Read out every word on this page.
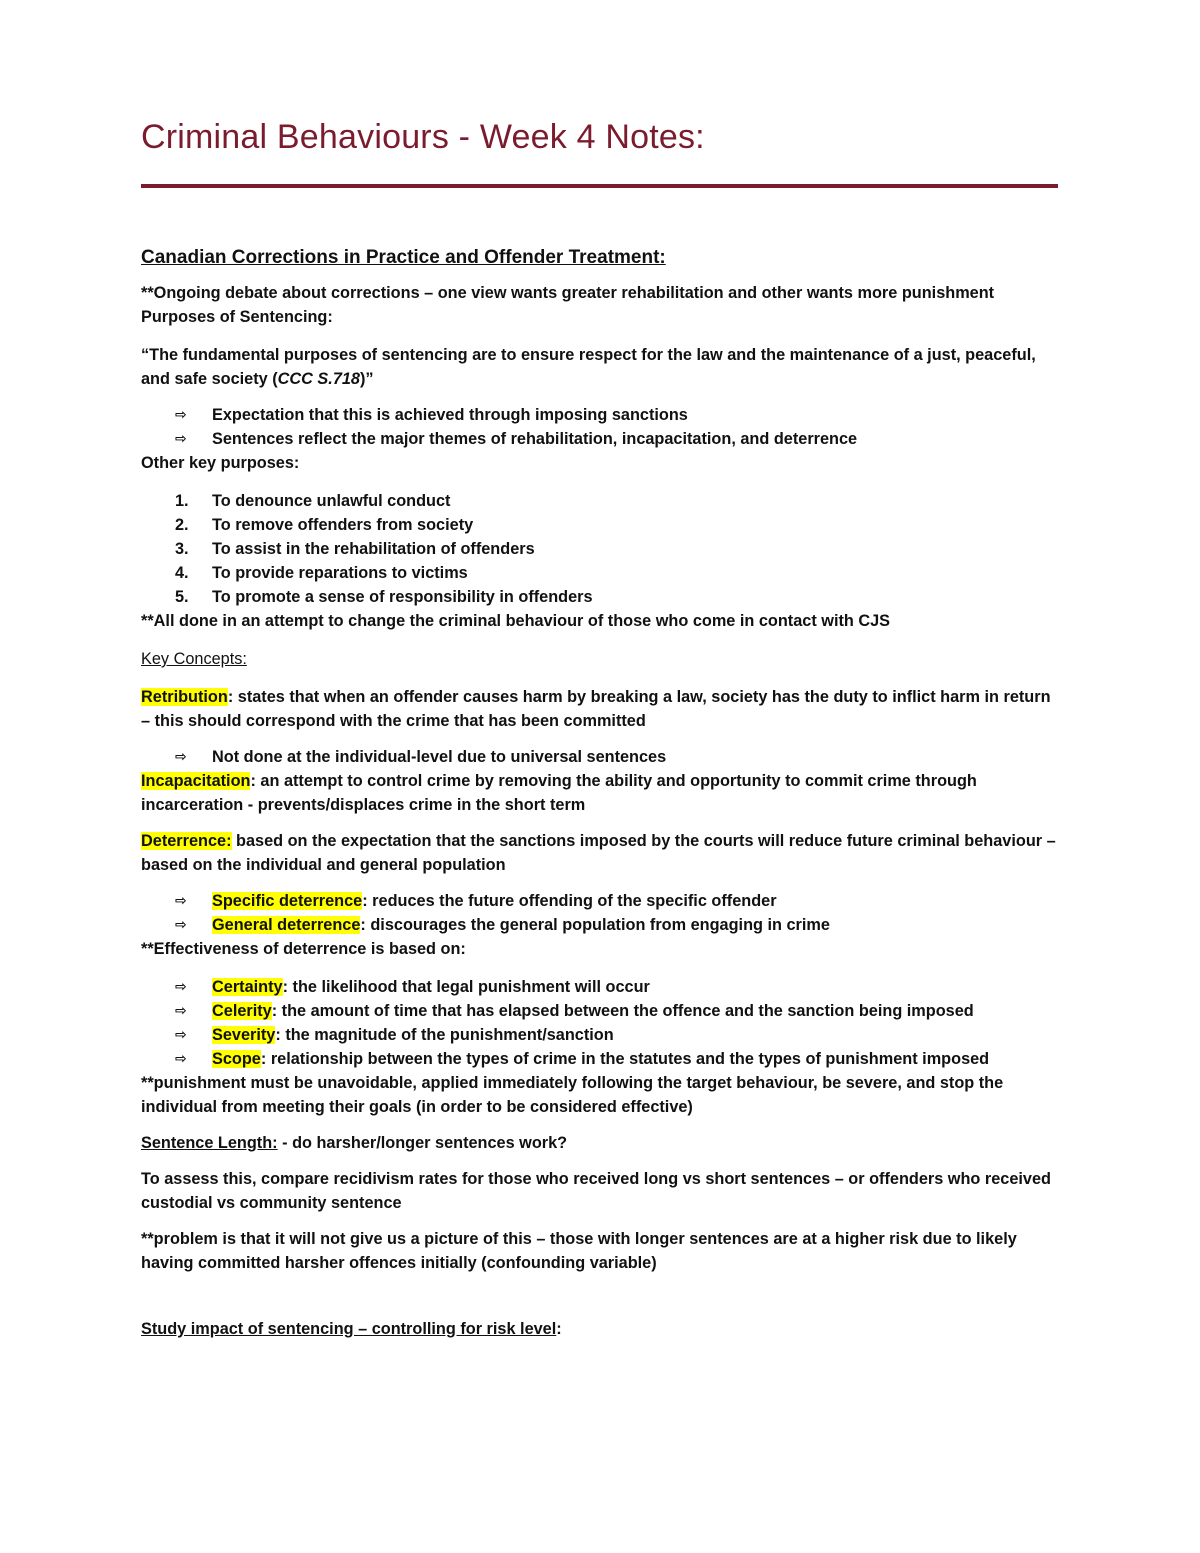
Criminal Behaviours - Week 4 Notes:

Canadian Corrections in Practice and Offender Treatment:

**Ongoing debate about corrections – one view wants greater rehabilitation and other wants more punishment

Purposes of Sentencing:

“The fundamental purposes of sentencing are to ensure respect for the law and the maintenance of a just, peaceful, and safe society (CCC S.718)”

⇨ Expectation that this is achieved through imposing sanctions
⇨ Sentences reflect the major themes of rehabilitation, incapacitation, and deterrence

Other key purposes:

1. To denounce unlawful conduct
2. To remove offenders from society
3. To assist in the rehabilitation of offenders
4. To provide reparations to victims
5. To promote a sense of responsibility in offenders

**All done in an attempt to change the criminal behaviour of those who come in contact with CJS

Key Concepts:

Retribution: states that when an offender causes harm by breaking a law, society has the duty to inflict harm in return – this should correspond with the crime that has been committed

⇨ Not done at the individual-level due to universal sentences

Incapacitation: an attempt to control crime by removing the ability and opportunity to commit crime through incarceration - prevents/displaces crime in the short term

Deterrence: based on the expectation that the sanctions imposed by the courts will reduce future criminal behaviour – based on the individual and general population

⇨ Specific deterrence: reduces the future offending of the specific offender
⇨ General deterrence: discourages the general population from engaging in crime

**Effectiveness of deterrence is based on:

⇨ Certainty: the likelihood that legal punishment will occur
⇨ Celerity: the amount of time that has elapsed between the offence and the sanction being imposed
⇨ Severity: the magnitude of the punishment/sanction
⇨ Scope: relationship between the types of crime in the statutes and the types of punishment imposed

**punishment must be unavoidable, applied immediately following the target behaviour, be severe, and stop the individual from meeting their goals (in order to be considered effective)

Sentence Length: - do harsher/longer sentences work?

To assess this, compare recidivism rates for those who received long vs short sentences – or offenders who received custodial vs community sentence

**problem is that it will not give us a picture of this – those with longer sentences are at a higher risk due to likely having committed harsher offences initially (confounding variable)

Study impact of sentencing – controlling for risk level:
